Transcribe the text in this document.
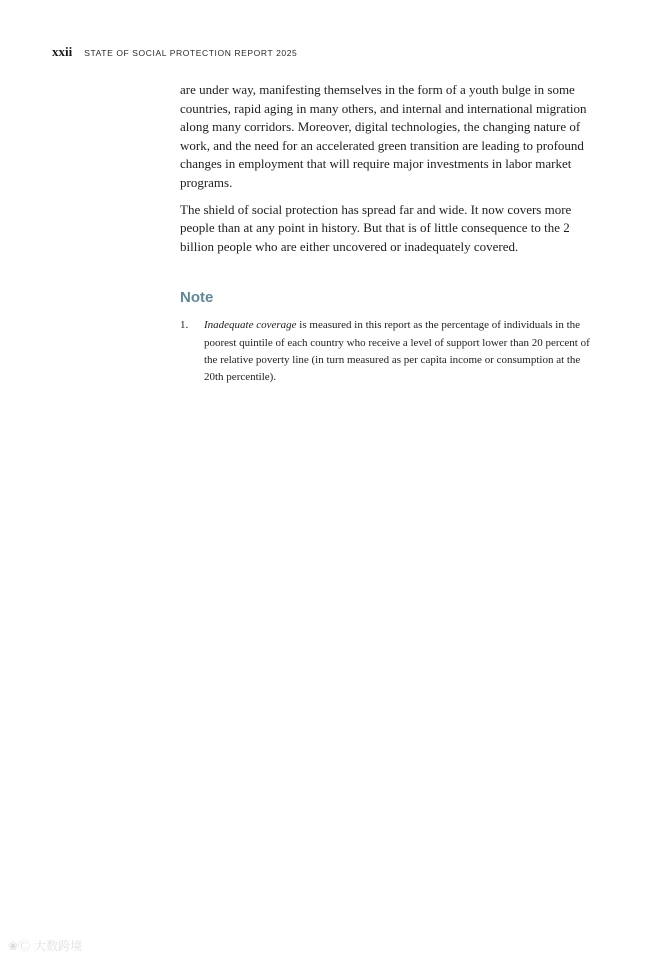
xxii STATE OF SOCIAL PROTECTION REPORT 2025

are under way, manifesting themselves in the form of a youth bulge in some countries, rapid aging in many others, and internal and international migration along many corridors. Moreover, digital technologies, the changing nature of work, and the need for an accelerated green transition are leading to profound changes in employment that will require major investments in labor market programs.

The shield of social protection has spread far and wide. It now covers more people than at any point in history. But that is of little consequence to the 2 billion people who are either uncovered or inadequately covered.

Note
1.	Inadequate coverage is measured in this report as the percentage of individuals in the poorest quintile of each country who receive a level of support lower than 20 percent of the relative poverty line (in turn measured as per capita income or consumption at the 20th percentile).
❀Ⓒ 大数跨境
